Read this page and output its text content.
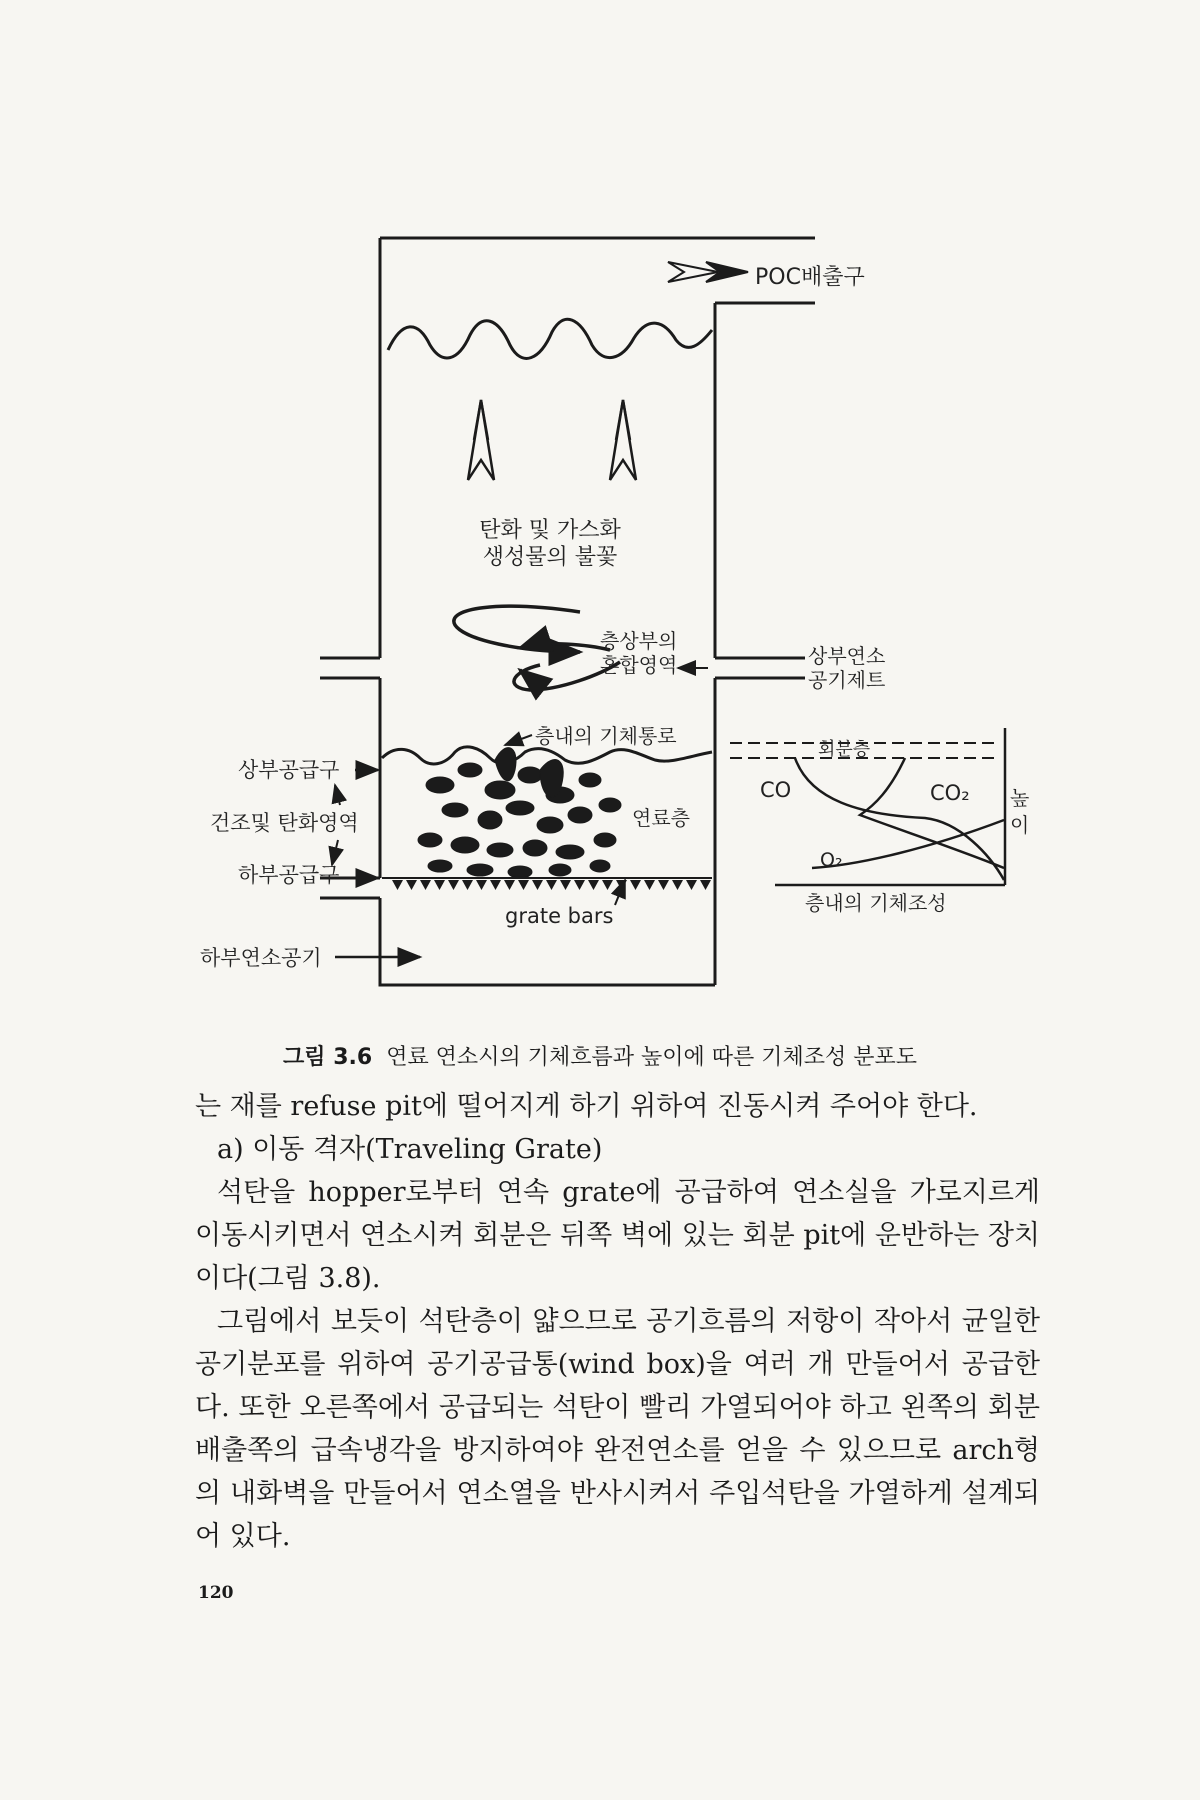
POC배출구
탄화 및 가스화
생성물의 불꽃
층상부의
혼합영역	상부연소
공기제트
층내의 기체통로
연료층
grate bars
상부공급구
건조및 탄화영역
하부공급구
하부연소공기
회분층
CO	CO₂
O₂
높
이
층내의 기체조성
그림 3.6 연료 연소시의 기체흐름과 높이에 따른 기체조성 분포도

는 재를 refuse pit에 떨어지게 하기 위하여 진동시켜 주어야 한다.

a) 이동 격자(Traveling Grate)

석탄을 hopper로부터 연속 grate에 공급하여 연소실을 가로지르게 이동시키면서 연소시켜 회분은 뒤쪽 벽에 있는 회분 pit에 운반하는 장치이다(그림 3.8).

그림에서 보듯이 석탄층이 얇으므로 공기흐름의 저항이 작아서 균일한 공기분포를 위하여 공기공급통(wind box)을 여러 개 만들어서 공급한다. 또한 오른쪽에서 공급되는 석탄이 빨리 가열되어야 하고 왼쪽의 회분 배출쪽의 급속냉각을 방지하여야 완전연소를 얻을 수 있으므로 arch형의 내화벽을 만들어서 연소열을 반사시켜서 주입석탄을 가열하게 설계되어 있다.

120
